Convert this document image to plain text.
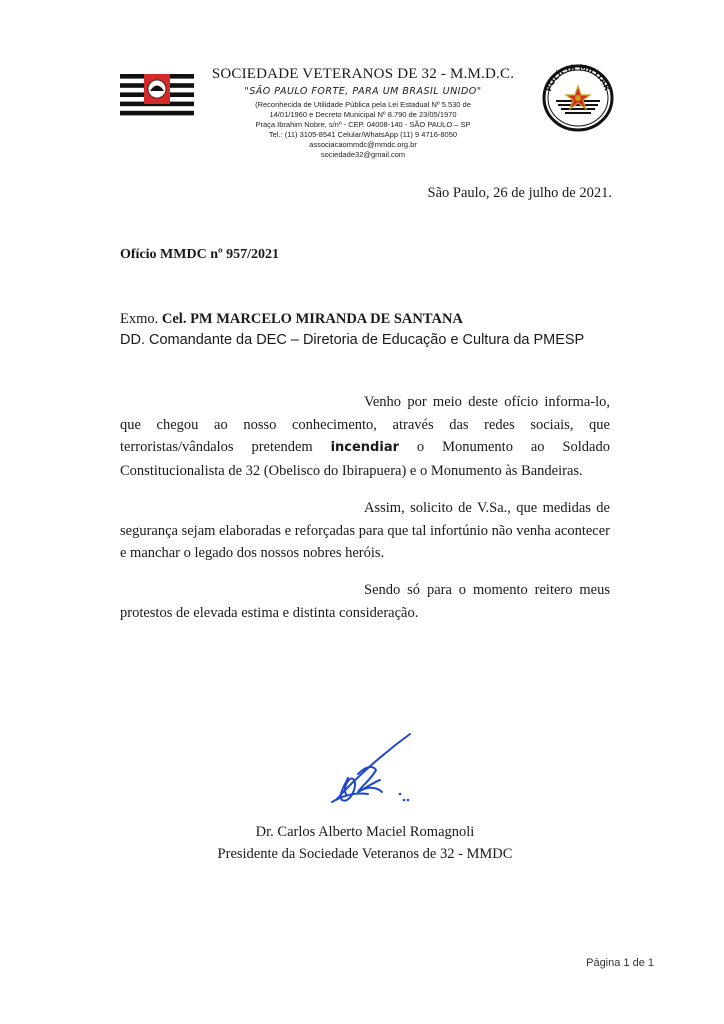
SOCIEDADE VETERANOS DE 32 - M.M.D.C.
"SÃO PAULO FORTE, PARA UM BRASIL UNIDO"
(Reconhecida de Utilidade Pública pela Lei Estadual Nº 5.530 de
14/01/1960 e Decreto Municipal Nº 8.790 de 23/05/1970
Praça Ibrahim Nobre, s/nº - CEP. 04008-140 - SÃO PAULO – SP
Tel.: (11) 3105-8541 Celular/WhatsApp (11) 9 4716-8050
associacaommdc@mmdc.org.br
sociedade32@gmail.com
POLÍCIA MILITAR
São Paulo, 26 de julho de 2021.
Ofício MMDC nº 957/2021
Exmo. Cel. PM MARCELO MIRANDA DE SANTANA
DD. Comandante da DEC – Diretoria de Educação e Cultura da PMESP
Venho por meio deste ofício informa-lo, que chegou ao nosso conhecimento, através das redes sociais, que terroristas/vândalos pretendem incendiar o Monumento ao Soldado Constitucionalista de 32 (Obelisco do Ibirapuera) e o Monumento às Bandeiras.
Assim, solicito de V.Sa., que medidas de segurança sejam elaboradas e reforçadas para que tal infortúnio não venha acontecer e manchar o legado dos nossos nobres heróis.
Sendo só para o momento reitero meus protestos de elevada estima e distinta consideração.
Dr. Carlos Alberto Maciel Romagnoli
Presidente da Sociedade Veteranos de 32 - MMDC
Página 1 de 1
